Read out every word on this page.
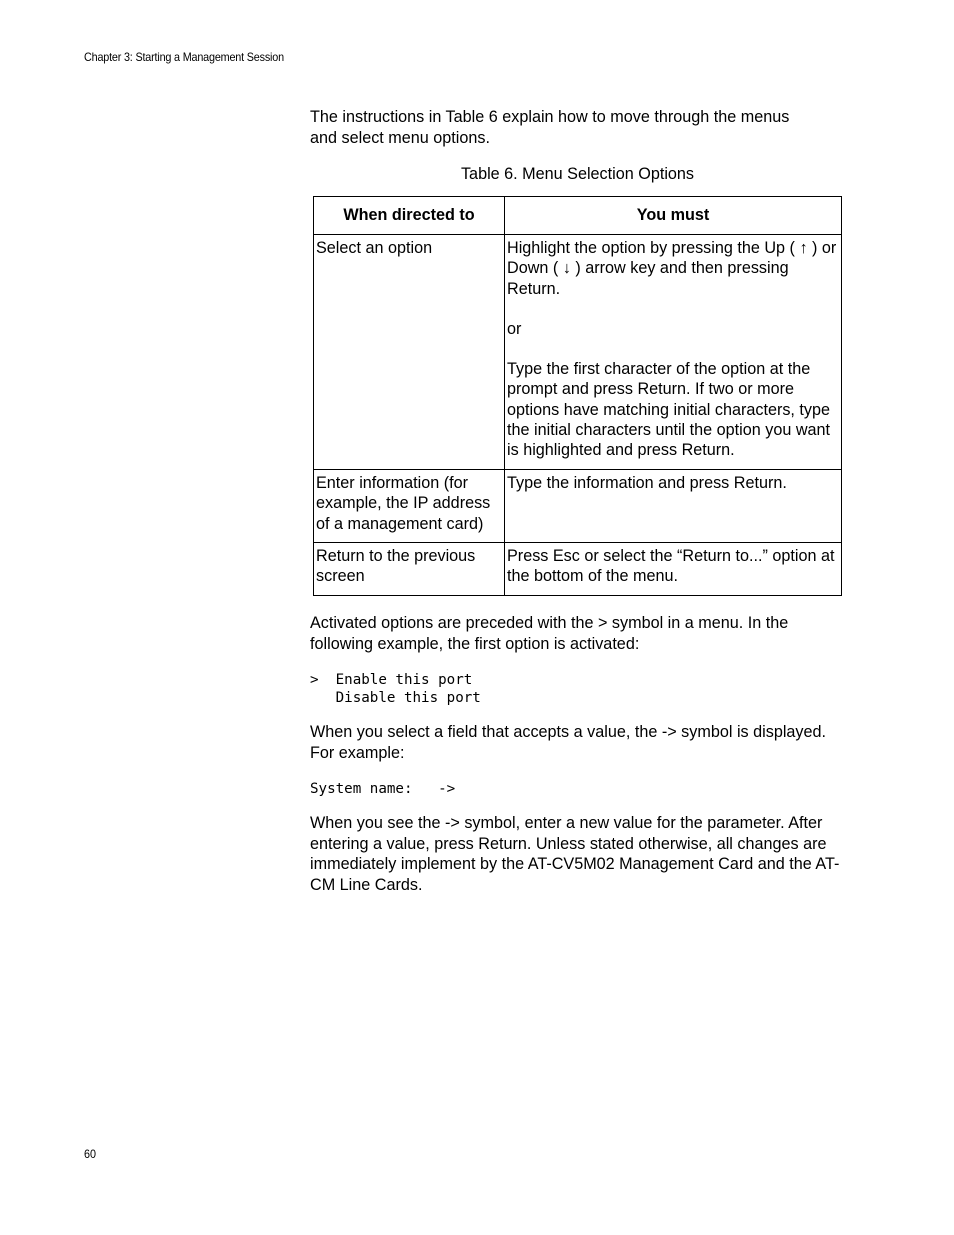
Chapter 3: Starting a Management Session

The instructions in Table 6 explain how to move through the menus
and select menu options.

Table 6. Menu Selection Options
When directed to	You must

Select an option	Highlight the option by pressing the Up ( ↑ ) or Down ( ↓ ) arrow key and then pressing Return.
or
Type the first character of the option at the prompt and press Return. If two or more options have matching initial characters, type the initial characters until the option you want is highlighted and press Return.

Enter information (for example, the IP address of a management card)	Type the information and press Return.

Return to the previous screen	Press Esc or select the “Return to...” option at the bottom of the menu.

Activated options are preceded with the > symbol in a menu. In the following example, the first option is activated:

>  Enable this port
Disable this port

When you select a field that accepts a value, the -> symbol is displayed. For example:

System name:   ->

When you see the -> symbol, enter a new value for the parameter. After entering a value, press Return. Unless stated otherwise, all changes are immediately implement by the AT-CV5M02 Management Card and the AT-CM Line Cards.

60
